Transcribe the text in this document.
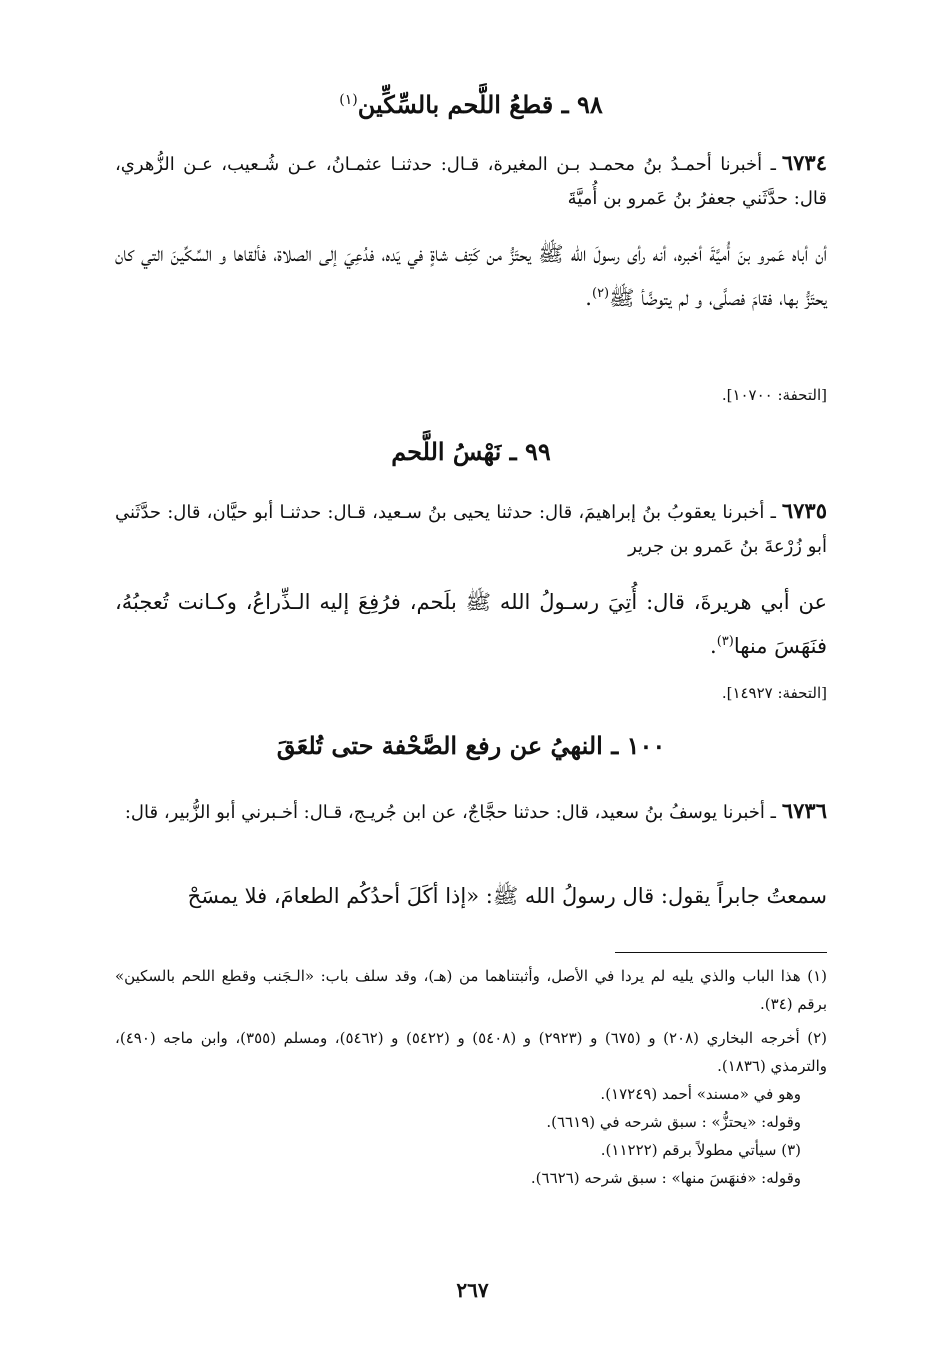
٩٨ ـ قطعُ اللَّحم بالسِّكِّين$^{(١)}$

٦٧٣٤ـ أخبرنا أحمـدُ بنُ محمـد بـن المغيرة، قـال: حدثنـا عثمـانُ، عـن شُـعيب، عـن الزُّهري، قال: حدَّثَني جعفرُ بنُ عَمرو بن أُميَّةَ

أن أباه عَمرو بنَ أُميَّةَ أخبره، أنه رأى رسولَ الله ﷺ يحتَزُّ من كَتِف شاةٍ في يَده، فدُعِيَ إلى الصلاة، فألقاها و السِّكِّينَ التي كان يحتَزُّ بها، فقامَ فصلَّى، و لم يتوضَّأ ﷺ$^{(٢)}$.

[التحفة: ١٠٧٠٠].

٩٩ ـ نَهْسُ اللَّحم

٦٧٣٥ـ أخبرنا يعقوبُ بنُ إبراهيمَ، قال: حدثنا يحيى بنُ سـعيد، قـال: حدثنـا أبو حيَّان، قال: حدَّثَني أبو زُرْعةَ بنُ عَمرو بن جرير

عن أبي هريرةَ، قال: أُتِيَ رسـولُ الله ﷺ بلَحم، فرُفِعَ إليه الـذِّراعُ، وكـانت تُعجبُهُ، فنَهَسَ منها$^{(٣)}$.

[التحفة: ١٤٩٢٧].

١٠٠ ـ النهيُ عن رفع الصَّحْفة حتى تُلعَقَ

٦٧٣٦ـ أخبرنا يوسفُ بنُ سعيد، قال: حدثنا حجَّاجٌ، عن ابن جُريـج، قـال: أخـبرني أبو الزُّبير، قال:

سمعتُ جابراً يقول: قال رسولُ الله ﷺ: «إذا أكَلَ أحدُكُم الطعامَ، فلا يمسَحْ

(١) هذا الباب والذي يليه لم يردا في الأصل، وأثبتناهما من (هـ)، وقد سلف باب: «الـجَنب وقطع اللحم بالسكين» برقم (٣٤).

(٢) أخرجه البخاري (٢٠٨) و (٦٧٥) و (٢٩٢٣) و (٥٤٠٨) و (٥٤٢٢) و (٥٤٦٢)، ومسلم (٣٥٥)، وابن ماجه (٤٩٠)، والترمذي (١٨٣٦).

وهو في «مسند» أحمد (١٧٢٤٩).

وقوله: «يحتزُّ» : سبق شرحه في (٦٦١٩).

(٣) سيأتي مطولاً برقم (١١٢٢٢).

وقوله: «فنهَسَ منها» : سبق شرحه (٦٦٢٦).

٢٦٧
